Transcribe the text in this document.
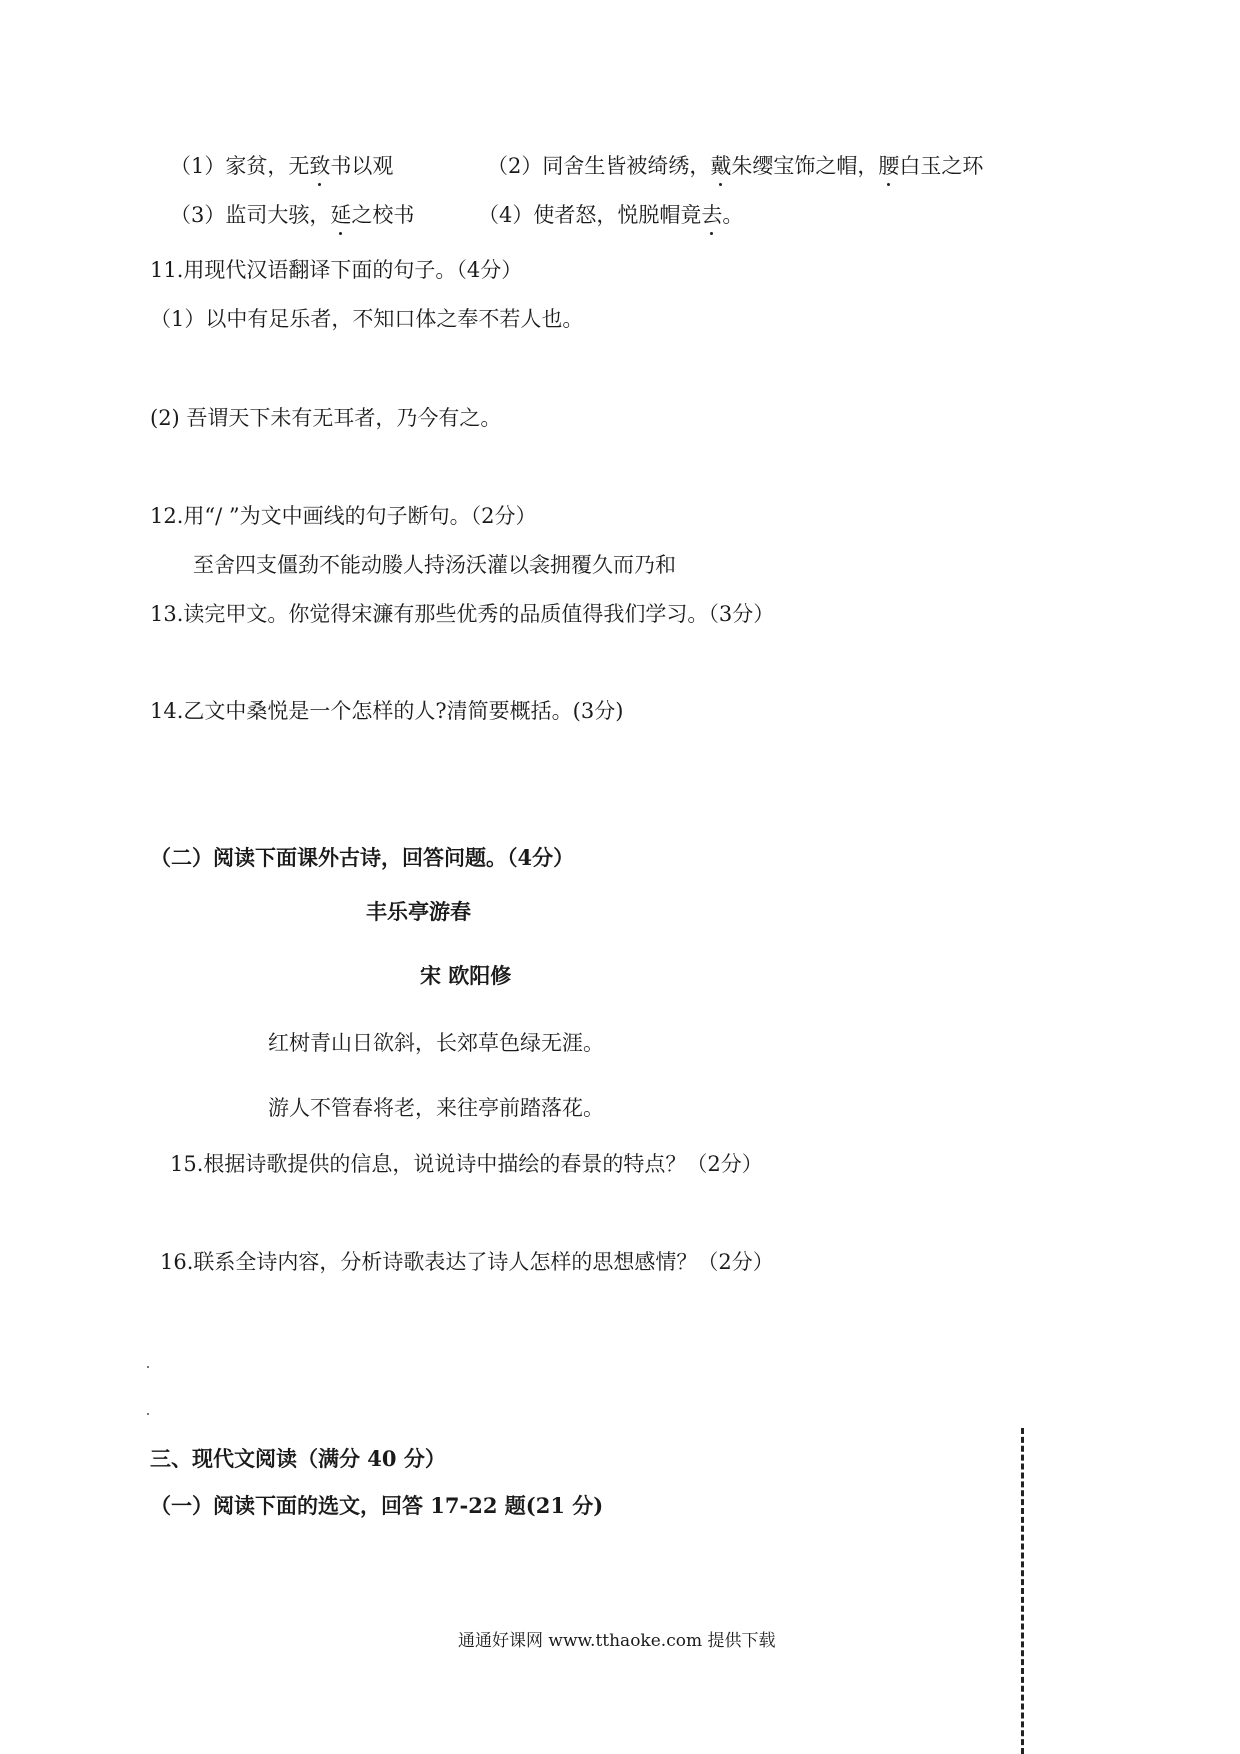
（1）家贫，无致书以观	（2）同舍生皆被绮绣，戴朱缨宝饰之帽，腰白玉之环
（3）监司大骇，延之校书	（4）使者怒，悦脱帽竟去。
11.用现代汉语翻译下面的句子。（4分）
（1）以中有足乐者，不知口体之奉不若人也。
(2) 吾谓天下未有无耳者，乃今有之。
12.用“/ ”为文中画线的句子断句。（2分）
至舍四支僵劲不能动媵人持汤沃灌以衾拥覆久而乃和
13.读完甲文。你觉得宋濂有那些优秀的品质值得我们学习。（3分）
14.乙文中桑悦是一个怎样的人?清简要概括。(3分)
（二）阅读下面课外古诗，回答问题。（4分）
丰乐亭游春
宋 欧阳修
红树青山日欲斜，长郊草色绿无涯。
游人不管春将老，来往亭前踏落花。
15.根据诗歌提供的信息，说说诗中描绘的春景的特点？（2分）
16.联系全诗内容，分析诗歌表达了诗人怎样的思想感情？（2分）
三、现代文阅读（满分 40 分）
（一）阅读下面的选文，回答 17-22 题(21 分)
通通好课网 www.tthaoke.com 提供下载
